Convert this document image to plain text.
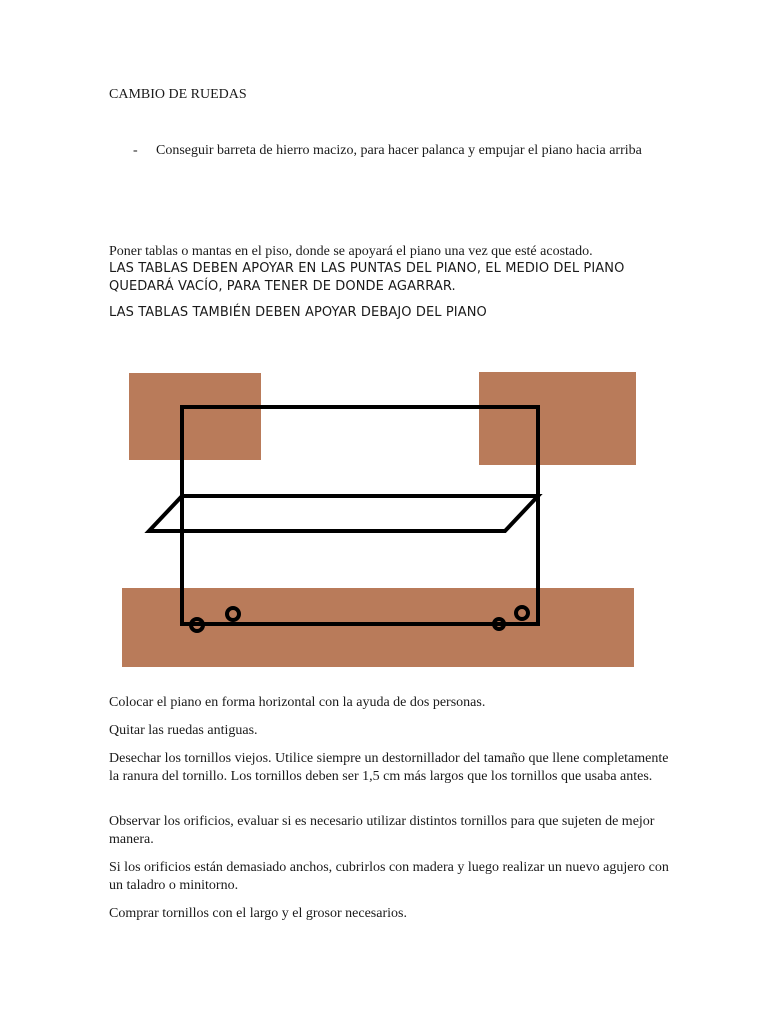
CAMBIO DE RUEDAS
- Conseguir barreta de hierro macizo, para hacer palanca y empujar el piano hacia arriba

Poner tablas o mantas en el piso, donde se apoyará el piano una vez que esté acostado.

LAS TABLAS DEBEN APOYAR EN LAS PUNTAS DEL PIANO, EL MEDIO DEL PIANO QUEDARÁ VACÍO, PARA TENER DE DONDE AGARRAR.

LAS TABLAS TAMBIÉN DEBEN APOYAR DEBAJO DEL PIANO

Colocar el piano en forma horizontal con la ayuda de dos personas.

Quitar las ruedas antiguas.

Desechar los tornillos viejos. Utilice siempre un destornillador del tamaño que llene completamente la ranura del tornillo. Los tornillos deben ser 1,5 cm más largos que los tornillos que usaba antes.

Observar los orificios, evaluar si es necesario utilizar distintos tornillos para que sujeten de mejor manera.

Si los orificios están demasiado anchos, cubrirlos con madera y luego realizar un nuevo agujero con un taladro o minitorno.

Comprar tornillos con el largo y el grosor necesarios.
